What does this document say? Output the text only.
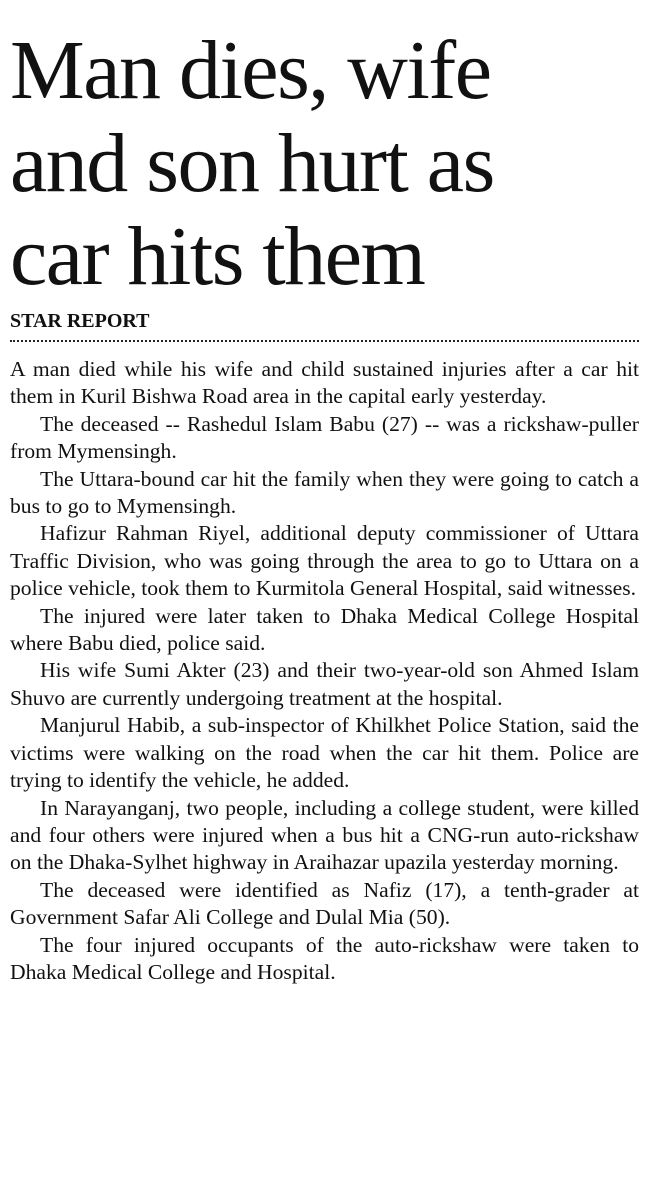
Man dies, wife
and son hurt as
car hits them
STAR REPORT

A man died while his wife and child sustained injuries after a car hit them in Kuril Bishwa Road area in the capital early yesterday.

The deceased -- Rashedul Islam Babu (27) -- was a rickshaw-puller from Mymensingh.

The Uttara-bound car hit the family when they were going to catch a bus to go to Mymensingh.

Hafizur Rahman Riyel, additional deputy commissioner of Uttara Traffic Division, who was going through the area to go to Uttara on a police vehicle, took them to Kurmitola General Hospital, said witnesses.

The injured were later taken to Dhaka Medical College Hospital where Babu died, police said.

His wife Sumi Akter (23) and their two-year-old son Ahmed Islam Shuvo are currently undergoing treatment at the hospital.

Manjurul Habib, a sub-inspector of Khilkhet Police Station, said the victims were walking on the road when the car hit them. Police are trying to identify the vehicle, he added.

In Narayanganj, two people, including a college student, were killed and four others were injured when a bus hit a CNG-run auto-rickshaw on the Dhaka-Sylhet highway in Araihazar upazila yesterday morning.

The deceased were identified as Nafiz (17), a tenth-grader at Government Safar Ali College and Dulal Mia (50).

The four injured occupants of the auto-rickshaw were taken to Dhaka Medical College and Hospital.
